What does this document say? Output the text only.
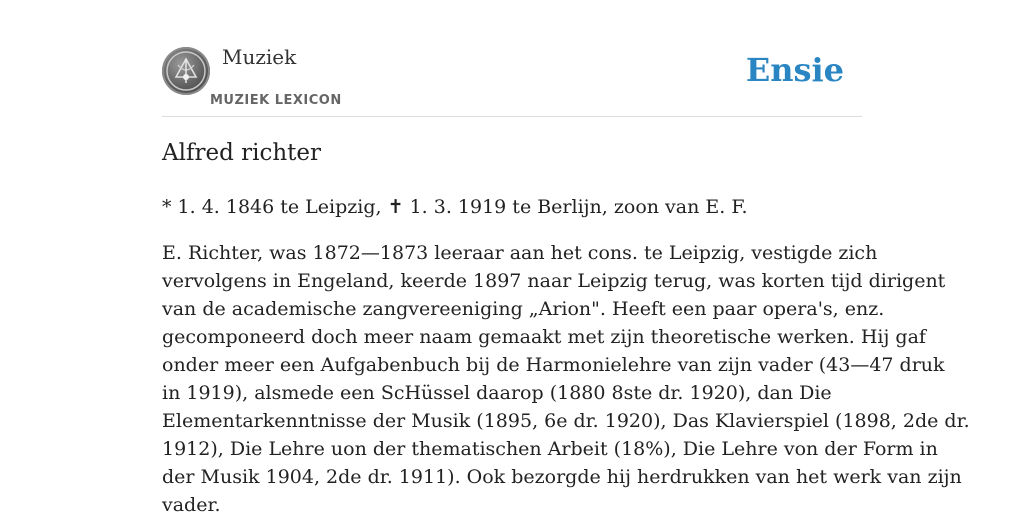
Muziek
MUZIEK LEXICON
Ensie
Alfred richter

* 1. 4. 1846 te Leipzig, ✝ 1. 3. 1919 te Berlijn, zoon van E. F.

E. Richter, was 1872—1873 leeraar aan het cons. te Leipzig, vestigde zich
vervolgens in Engeland, keerde 1897 naar Leipzig terug, was korten tijd dirigent
van de academische zangvereeniging „Arion". Heeft een paar opera's, enz.
gecomponeerd doch meer naam gemaakt met zijn theoretische werken. Hij gaf
onder meer een Aufgabenbuch bij de Harmonielehre van zijn vader (43—47 druk
in 1919), alsmede een ScHüssel daarop (1880 8ste dr. 1920), dan Die
Elementarkenntnisse der Musik (1895, 6e dr. 1920), Das Klavierspiel (1898, 2de dr.
1912), Die Lehre uon der thematischen Arbeit (18%), Die Lehre von der Form in
der Musik 1904, 2de dr. 1911). Ook bezorgde hij herdrukken van het werk van zijn
vader.
